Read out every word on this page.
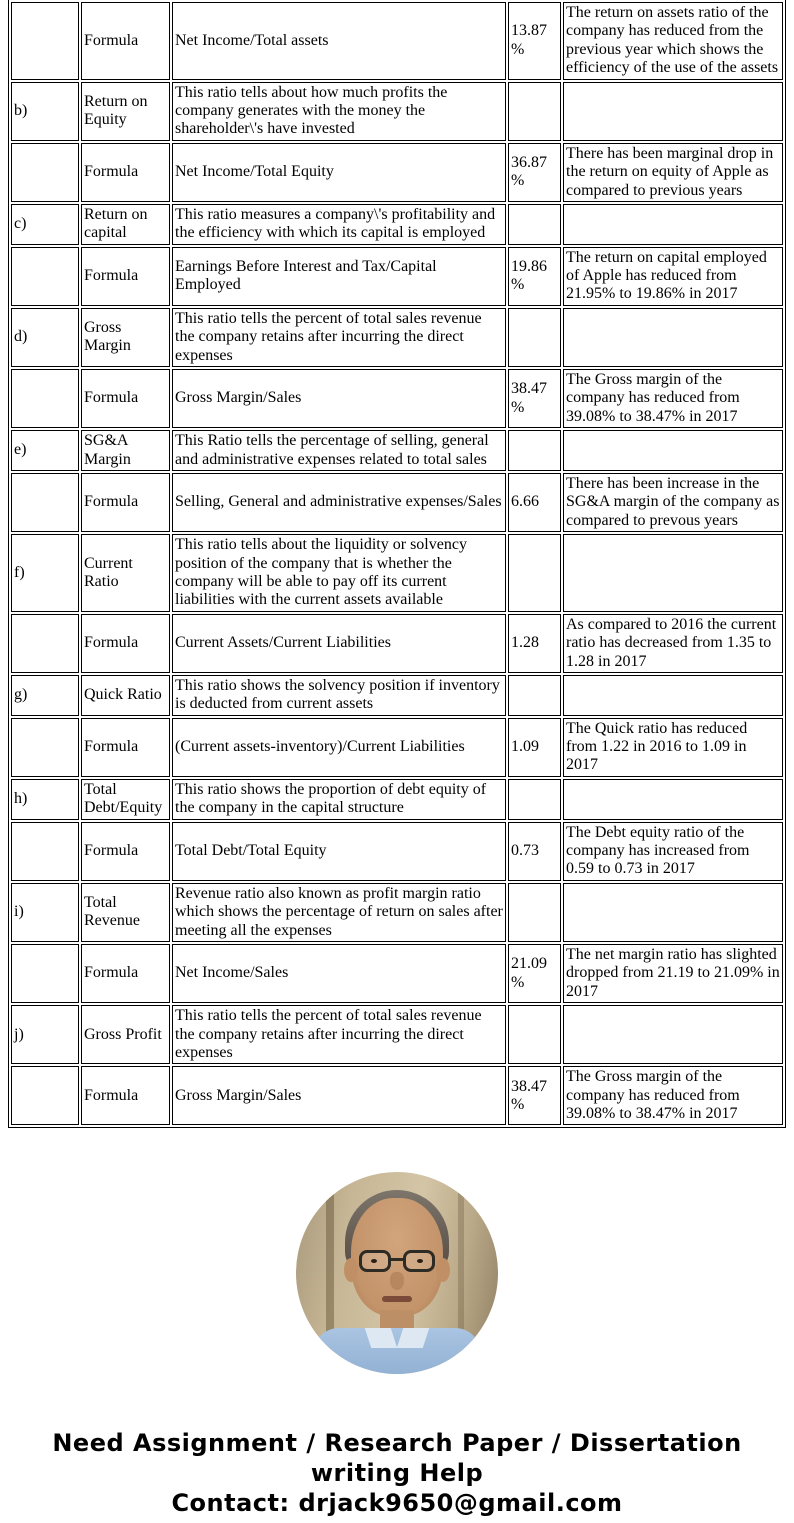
	Formula	Net Income/Total assets	13.87%	The return on assets ratio of the company has reduced from the previous year which shows the efficiency of the use of the assets
b)	Return on Equity	This ratio tells about how much profits the company generates with the money the shareholder\'s have invested		
	Formula	Net Income/Total Equity	36.87%	There has been marginal drop in the return on equity of Apple as compared to previous years
c)	Return on capital	This ratio measures a company\'s profitability and the efficiency with which its capital is employed		
	Formula	Earnings Before Interest and Tax/Capital Employed	19.86%	The return on capital employed of Apple has reduced from 21.95% to 19.86% in 2017
d)	Gross Margin	This ratio tells the percent of total sales revenue the company retains after incurring the direct expenses		
	Formula	Gross Margin/Sales	38.47%	The Gross margin of the company has reduced from 39.08% to 38.47% in 2017
e)	SG&A Margin	This Ratio tells the percentage of selling, general and administrative expenses related to total sales		
	Formula	Selling, General and administrative expenses/Sales	6.66	There has been increase in the SG&A margin of the company as compared to prevous years
f)	Current Ratio	This ratio tells about the liquidity or solvency position of the company that is whether the company will be able to pay off its current liabilities with the current assets available		
	Formula	Current Assets/Current Liabilities	1.28	As compared to 2016 the current ratio has decreased from 1.35 to 1.28 in 2017
g)	Quick Ratio	This ratio shows the solvency position if inventory is deducted from current assets		
	Formula	(Current assets-inventory)/Current Liabilities	1.09	The Quick ratio has reduced from 1.22 in 2016 to 1.09 in 2017
h)	Total Debt/Equity	This ratio shows the proportion of debt equity of the company in the capital structure		
	Formula	Total Debt/Total Equity	0.73	The Debt equity ratio of the company has increased from 0.59 to 0.73 in 2017
i)	Total Revenue	Revenue ratio also known as profit margin ratio which shows the percentage of return on sales after meeting all the expenses		
	Formula	Net Income/Sales	21.09%	The net margin ratio has slighted dropped from 21.19 to 21.09% in 2017
j)	Gross Profit	This ratio tells the percent of total sales revenue the company retains after incurring the direct expenses		
	Formula	Gross Margin/Sales	38.47%	The Gross margin of the company has reduced from 39.08% to 38.47% in 2017
Need Assignment / Research Paper / Dissertation writing Help
Contact: drjack9650@gmail.com
